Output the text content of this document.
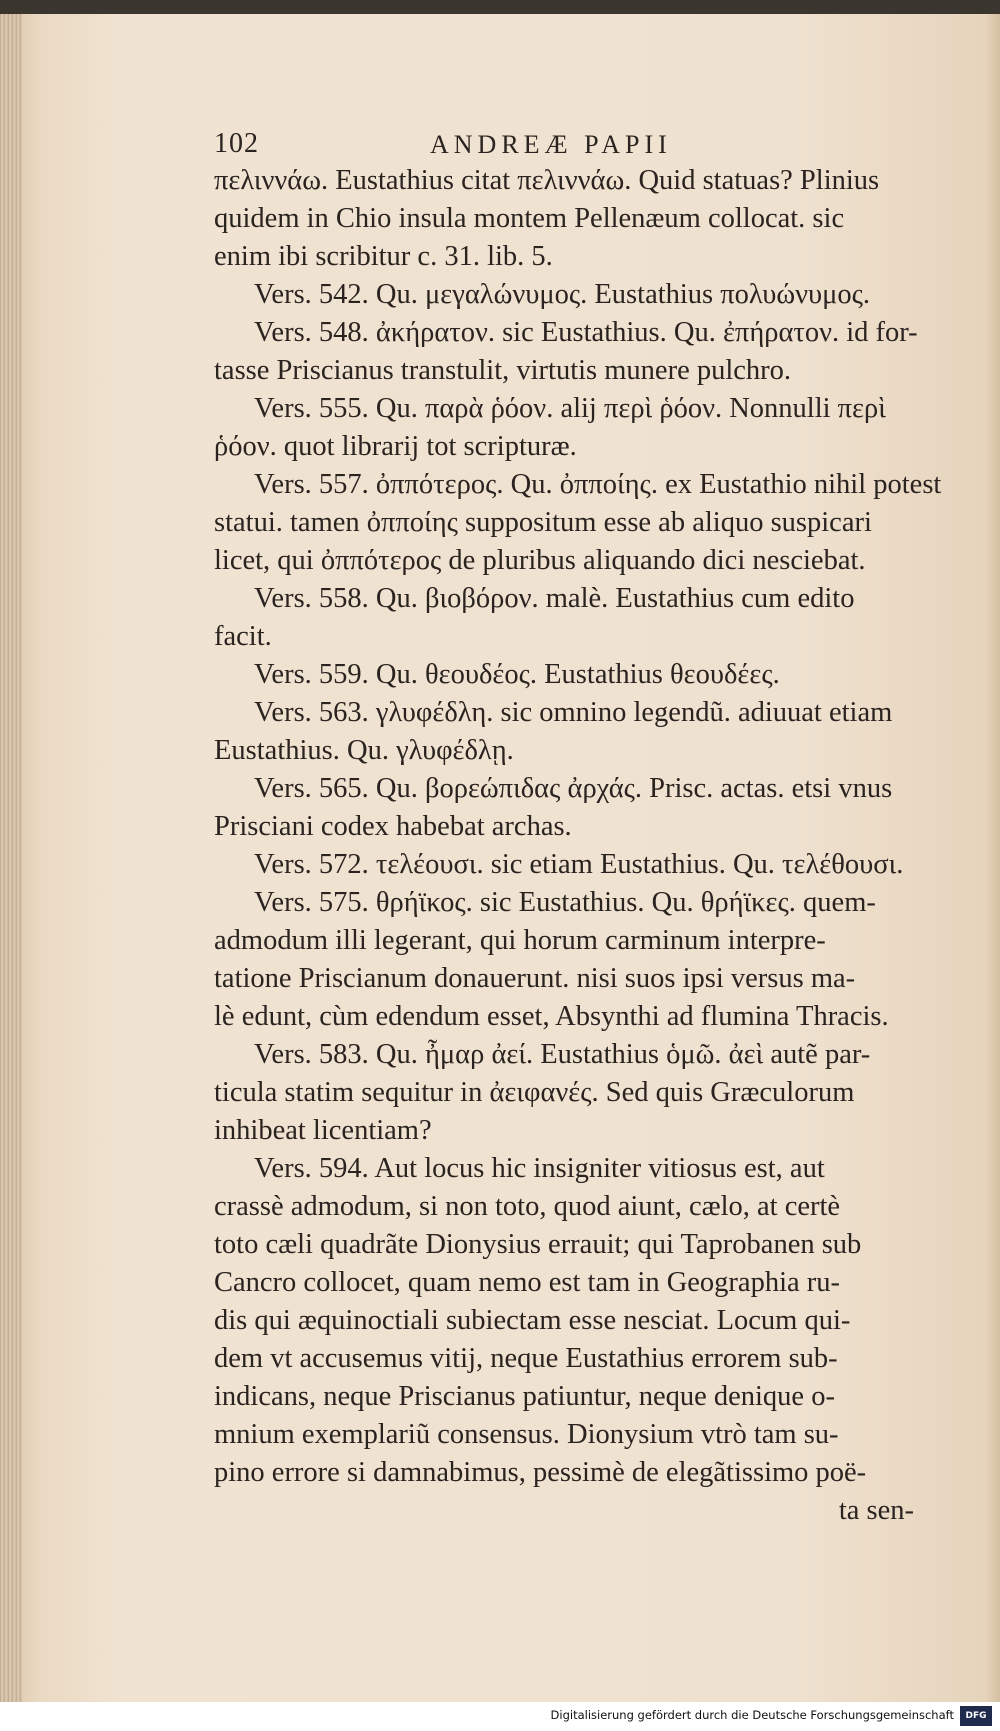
102	ANDREÆ PAPII
πελιννάω. Eustathius citat πελιννάω. Quid statuas? Plinius
quidem in Chio insula montem Pellenæum collocat. sic
enim ibi scribitur c. 31. lib. 5.
Vers. 542. Qu. μεγαλώνυμος. Eustathius πολυώνυμος.
Vers. 548. ἀκήρατον. sic Eustathius. Qu. ἐπήρατον. id for-
tasse Priscianus transtulit, virtutis munere pulchro.
Vers. 555. Qu. παρὰ ῥόον. alij περὶ ῥόον. Nonnulli περὶ
ῥόον. quot librarij tot scripturæ.
Vers. 557. ὀππότερος. Qu. ὀπποίης. ex Eustathio nihil potest
statui. tamen ὀπποίης suppositum esse ab aliquo suspicari
licet, qui ὀππότερος de pluribus aliquando dici nesciebat.
Vers. 558. Qu. βιοβόρον. malè. Eustathius cum edito
facit.
Vers. 559. Qu. θεουδέος. Eustathius θεουδέες.
Vers. 563. γλυφέδλη. sic omnino legendũ. adiuuat etiam
Eustathius. Qu. γλυφέδλῃ.
Vers. 565. Qu. βορεώπιδας ἀρχάς. Prisc. actas. etsi vnus
Prisciani codex habebat archas.
Vers. 572. τελέουσι. sic etiam Eustathius. Qu. τελέθουσι.
Vers. 575. θρήϊκος. sic Eustathius. Qu. θρήϊκες. quem-
admodum illi legerant, qui horum carminum interpre-
tatione Priscianum donauerunt. nisi suos ipsi versus ma-
lè edunt, cùm edendum esset, Absynthi ad flumina Thracis.
Vers. 583. Qu. ἦμαρ ἀεί. Eustathius ὁμῶ. ἀεὶ autẽ par-
ticula statim sequitur in ἀειφανές. Sed quis Græculorum
inhibeat licentiam?
Vers. 594. Aut locus hic insigniter vitiosus est, aut
crassè admodum, si non toto, quod aiunt, cælo, at certè
toto cæli quadrãte Dionysius errauit; qui Taprobanen sub
Cancro collocet, quam nemo est tam in Geographia ru-
dis qui æquinoctiali subiectam esse nesciat. Locum qui-
dem vt accusemus vitij, neque Eustathius errorem sub-
indicans, neque Priscianus patiuntur, neque denique o-
mnium exemplariũ consensus. Dionysium vtrò tam su-
pino errore si damnabimus, pessimè de elegãtissimo poë-
ta sen-
Digitalisierung gefördert durch die Deutsche Forschungsgemeinschaft	DFG
